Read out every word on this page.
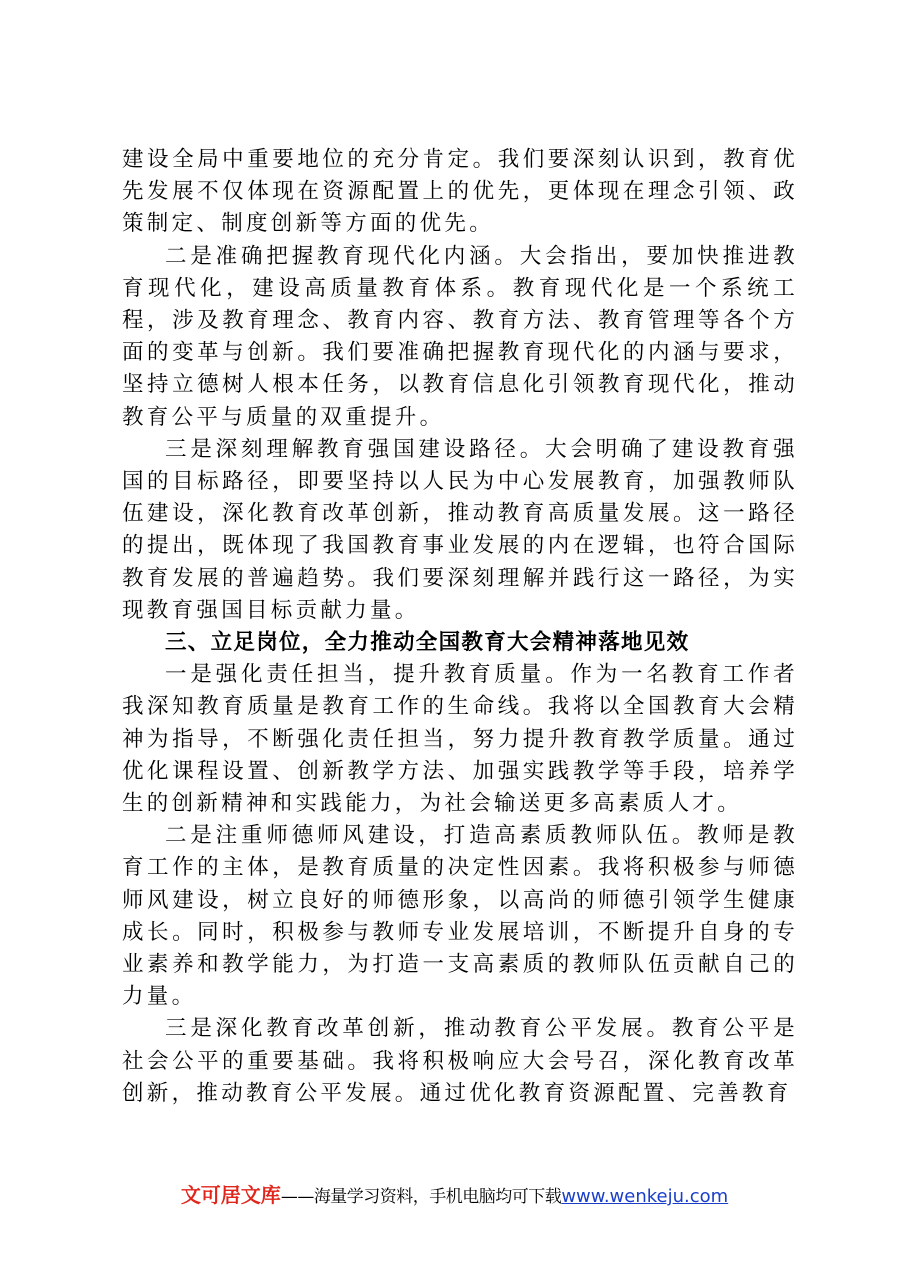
建设全局中重要地位的充分肯定。我们要深刻认识到，教育优先发展不仅体现在资源配置上的优先，更体现在理念引领、政策制定、制度创新等方面的优先。

二是准确把握教育现代化内涵。大会指出，要加快推进教育现代化，建设高质量教育体系。教育现代化是一个系统工程，涉及教育理念、教育内容、教育方法、教育管理等各个方面的变革与创新。我们要准确把握教育现代化的内涵与要求，坚持立德树人根本任务，以教育信息化引领教育现代化，推动教育公平与质量的双重提升。

三是深刻理解教育强国建设路径。大会明确了建设教育强国的目标路径，即要坚持以人民为中心发展教育，加强教师队伍建设，深化教育改革创新，推动教育高质量发展。这一路径的提出，既体现了我国教育事业发展的内在逻辑，也符合国际教育发展的普遍趋势。我们要深刻理解并践行这一路径，为实现教育强国目标贡献力量。

三、立足岗位，全力推动全国教育大会精神落地见效

一是强化责任担当，提升教育质量。作为一名教育工作者我深知教育质量是教育工作的生命线。我将以全国教育大会精神为指导，不断强化责任担当，努力提升教育教学质量。通过优化课程设置、创新教学方法、加强实践教学等手段，培养学生的创新精神和实践能力，为社会输送更多高素质人才。

二是注重师德师风建设，打造高素质教师队伍。教师是教育工作的主体，是教育质量的决定性因素。我将积极参与师德师风建设，树立良好的师德形象，以高尚的师德引领学生健康成长。同时，积极参与教师专业发展培训，不断提升自身的专业素养和教学能力，为打造一支高素质的教师队伍贡献自己的力量。

三是深化教育改革创新，推动教育公平发展。教育公平是社会公平的重要基础。我将积极响应大会号召，深化教育改革创新，推动教育公平发展。通过优化教育资源配置、完善教育

文可居文库——海量学习资料，手机电脑均可下载www.wenkeju.com
